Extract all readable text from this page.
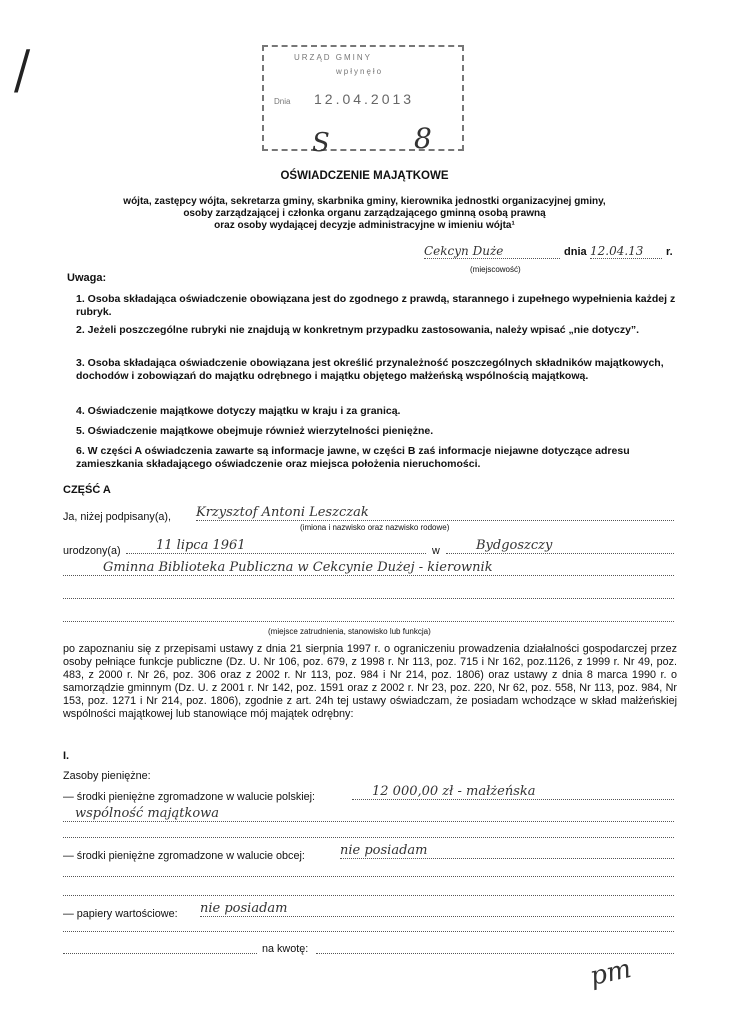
/	URZĄD GMINY
wpłynęło
Dnia 12.04.2013
S	8
OŚWIADCZENIE MAJĄTKOWE
wójta, zastępcy wójta, sekretarza gminy, skarbnika gminy, kierownika jednostki organizacyjnej gminy,
osoby zarządzającej i członka organu zarządzającego gminną osobą prawną
oraz osoby wydającej decyzje administracyjne w imieniu wójta¹
Cekcyn Duże	dnia 12.04.13	r.
(miejscowość)
Uwaga:
1. Osoba składająca oświadczenie obowiązana jest do zgodnego z prawdą, starannego i zupełnego wypełnienia każdej z rubryk.
2. Jeżeli poszczególne rubryki nie znajdują w konkretnym przypadku zastosowania, należy wpisać „nie dotyczy”.
3. Osoba składająca oświadczenie obowiązana jest określić przynależność poszczególnych składników majątkowych, dochodów i zobowiązań do majątku odrębnego i majątku objętego małżeńską wspólnością majątkową.
4. Oświadczenie majątkowe dotyczy majątku w kraju i za granicą.
5. Oświadczenie majątkowe obejmuje również wierzytelności pieniężne.
6. W części A oświadczenia zawarte są informacje jawne, w części B zaś informacje niejawne dotyczące adresu zamieszkania składającego oświadczenie oraz miejsca położenia nieruchomości.
CZĘŚĆ A
Ja, niżej podpisany(a), Krzysztof Antoni Leszczak
(imiona i nazwisko oraz nazwisko rodowe)
urodzony(a)	11 lipca 1961	w	Bydgoszczy
Gminna Biblioteka Publiczna w Cekcynie Dużej - kierownik
(miejsce zatrudnienia, stanowisko lub funkcja)
po zapoznaniu się z przepisami ustawy z dnia 21 sierpnia 1997 r. o ograniczeniu prowadzenia działalności gospodarczej przez osoby pełniące funkcje publiczne (Dz. U. Nr 106, poz. 679, z 1998 r. Nr 113, poz. 715 i Nr 162, poz.1126, z 1999 r. Nr 49, poz. 483, z 2000 r. Nr 26, poz. 306 oraz z 2002 r. Nr 113, poz. 984 i Nr 214, poz. 1806) oraz ustawy z dnia 8 marca 1990 r. o samorządzie gminnym (Dz. U. z 2001 r. Nr 142, poz. 1591 oraz z 2002 r. Nr 23, poz. 220, Nr 62, poz. 558, Nr 113, poz. 984, Nr 153, poz. 1271 i Nr 214, poz. 1806), zgodnie z art. 24h tej ustawy oświadczam, że posiadam wchodzące w skład małżeńskiej wspólności majątkowej lub stanowiące mój majątek odrębny:
I.
Zasoby pieniężne:
— środki pieniężne zgromadzone w walucie polskiej:	12 000,00 zł - małżeńska
wspólność majątkowa
— środki pieniężne zgromadzone w walucie obcej:	nie posiadam
— papiery wartościowe: nie posiadam
na kwotę:
pm
